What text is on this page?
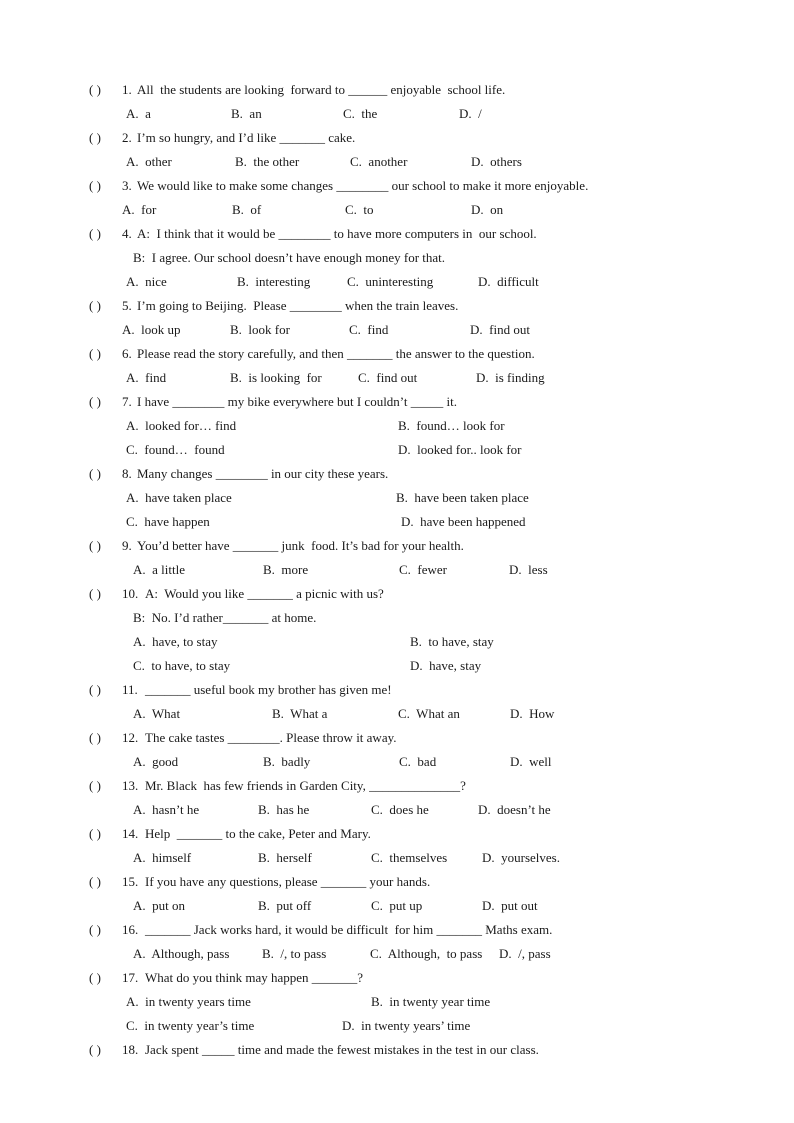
( ) 1. All  the students are looking  forward to ______ enjoyable  school life.
A.  a	B.  an	C.  the	D.  /
( ) 2. I’m so hungry, and I’d like _______ cake.
A.  other	B.  the other	C.  another	D.  others
( ) 3. We would like to make some changes ________ our school to make it more enjoyable.
A.  for	B.  of	C.  to	D.  on
( ) 4. A:  I think that it would be ________ to have more computers in  our school.
B:  I agree. Our school doesn’t have enough money for that.
A.  nice	B.  interesting	C.  uninteresting	D.  difficult
( ) 5. I’m going to Beijing.  Please ________ when the train leaves.
A.  look up	B.  look for	C.  find	D.  find out
( ) 6. Please read the story carefully, and then _______ the answer to the question.
A.  find	B.  is looking  for	C.  find out	D.  is finding
( ) 7. I have ________ my bike everywhere but I couldn’t _____ it.
A.  looked for… find	B.  found… look for
C.  found…  found	D.  looked for.. look for
( ) 8. Many changes ________ in our city these years.
A.  have taken place	B.  have been taken place
C.  have happen	D.  have been happened
( ) 9. You’d better have _______ junk  food. It’s bad for your health.
A.  a little	B.  more	C.  fewer	D.  less
( ) 10. A:  Would you like _______ a picnic with us?
B:  No. I’d rather_______ at home.
A.  have, to stay	B.  to have, stay
C.  to have, to stay	D.  have, stay
( ) 11. _______ useful book my brother has given me!
A.  What	B.  What a	C.  What an	D.  How
( ) 12. The cake tastes ________. Please throw it away.
A.  good	B.  badly	C.  bad	D.  well
( ) 13. Mr. Black  has few friends in Garden City, ______________?
A.  hasn’t he	B.  has he	C.  does he	D.  doesn’t he
( ) 14. Help  _______ to the cake, Peter and Mary.
A.  himself	B.  herself	C.  themselves	D.  yourselves.
( ) 15. If you have any questions, please _______ your hands.
A.  put on	B.  put off	C.  put up	D.  put out
( ) 16. _______ Jack works hard, it would be difficult  for him _______ Maths exam.
A.  Although, pass	B.  /, to pass	C.  Although,  to pass D.  /, pass
( ) 17. What do you think may happen _______?
A.  in twenty years time	B.  in twenty year time
C.  in twenty year’s time	D.  in twenty years’ time
( ) 18. Jack spent _____ time and made the fewest mistakes in the test in our class.
